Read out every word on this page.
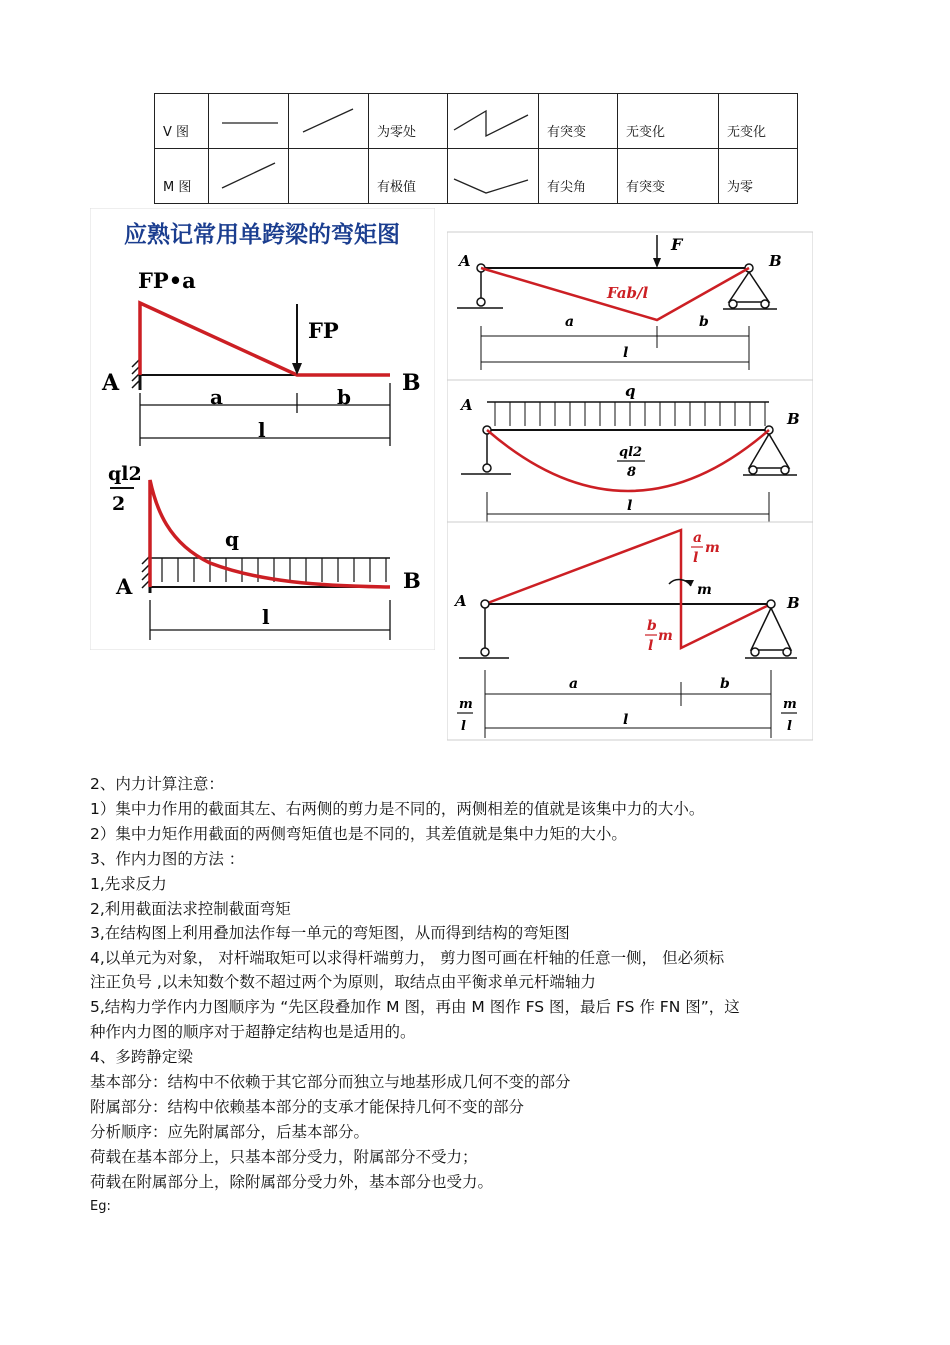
V 图			为零处		有突变	无变化	无变化

M 图			有极值		有尖角	有突变	为零
应熟记常用单跨梁的弯矩图
FP•a
FP
A	B
a	b
l
ql2
2
q
A	B
l
F
Fab/l
A	B
a	b
l
q
ql2
8
A
B
l
a
l
m
b
l
m
m
A	B
a	b
l
m
l
m
l
2、内力计算注意：
1）集中力作用的截面其左、右两侧的剪力是不同的，两侧相差的值就是该集中力的大小。
2）集中力矩作用截面的两侧弯矩值也是不同的，其差值就是集中力矩的大小。
3、作内力图的方法 ：
1,先求反力
2,利用截面法求控制截面弯矩
3,在结构图上利用叠加法作每一单元的弯矩图，从而得到结构的弯矩图
4,以单元为对象， 对杆端取矩可以求得杆端剪力， 剪力图可画在杆轴的任意一侧， 但必须标
注正负号 ,以未知数个数不超过两个为原则，取结点由平衡求单元杆端轴力
5,结构力学作内力图顺序为 “先区段叠加作 M 图，再由 M 图作 FS 图，最后 FS 作 FN 图”，这
种作内力图的顺序对于超静定结构也是适用的。
4、多跨静定梁
基本部分：结构中不依赖于其它部分而独立与地基形成几何不变的部分
附属部分：结构中依赖基本部分的支承才能保持几何不变的部分
分析顺序：应先附属部分，后基本部分。
荷载在基本部分上，只基本部分受力，附属部分不受力；
荷载在附属部分上，除附属部分受力外，基本部分也受力。
Eg:
